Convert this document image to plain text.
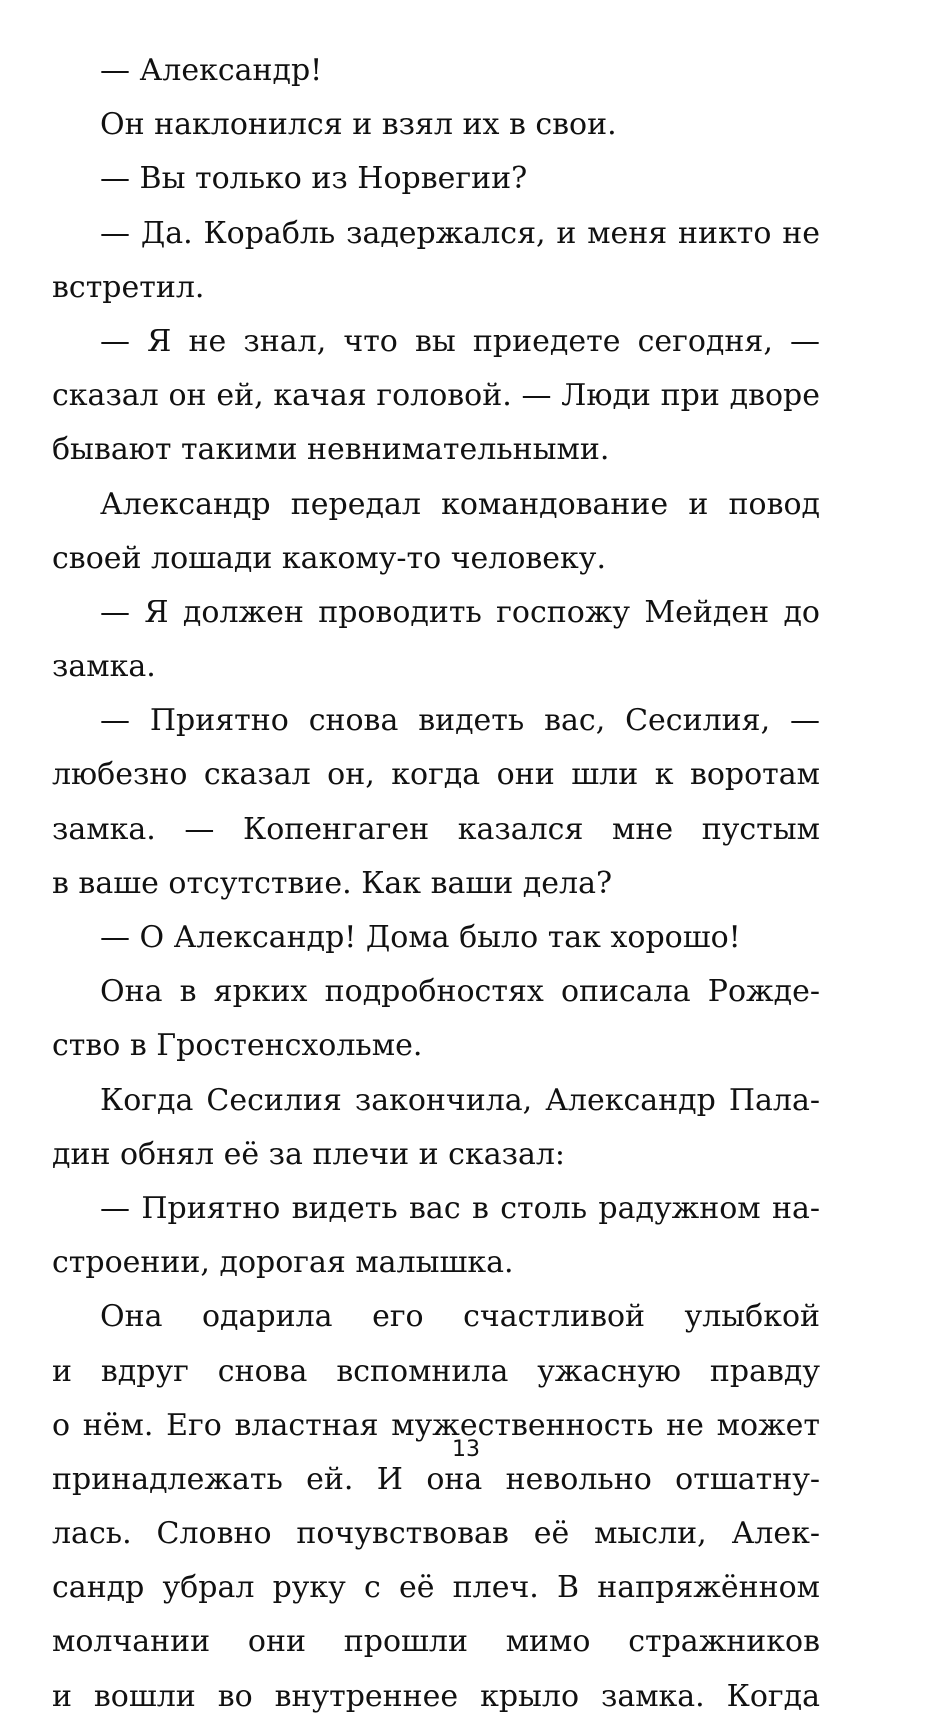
— Александр!
Он наклонился и взял их в свои.
— Вы только из Норвегии?
— Да. Корабль задержался, и меня никто не
встретил.
— Я не знал, что вы приедете сегодня, —
сказал он ей, качая головой. — Люди при дворе
бывают такими невнимательными.
Александр передал командование и повод
своей лошади какому-то человеку.
— Я должен проводить госпожу Мейден до
замка.
— Приятно снова видеть вас, Сесилия, —
любезно сказал он, когда они шли к воротам
замка. — Копенгаген казался мне пустым
в ваше отсутствие. Как ваши дела?
— О Александр! Дома было так хорошо!
Она в ярких подробностях описала Рожде-
ство в Гростенсхольме.
Когда Сесилия закончила, Александр Пала-
дин обнял её за плечи и сказал:
— Приятно видеть вас в столь радужном на-
строении, дорогая малышка.
Она одарила его счастливой улыбкой
и вдруг снова вспомнила ужасную правду
о нём. Его властная мужественность не может
принадлежать ей. И она невольно отшатну-
лась. Словно почувствовав её мысли, Алек-
сандр убрал руку с её плеч. В напряжённом
молчании они прошли мимо стражников
и вошли во внутреннее крыло замка. Когда
13
